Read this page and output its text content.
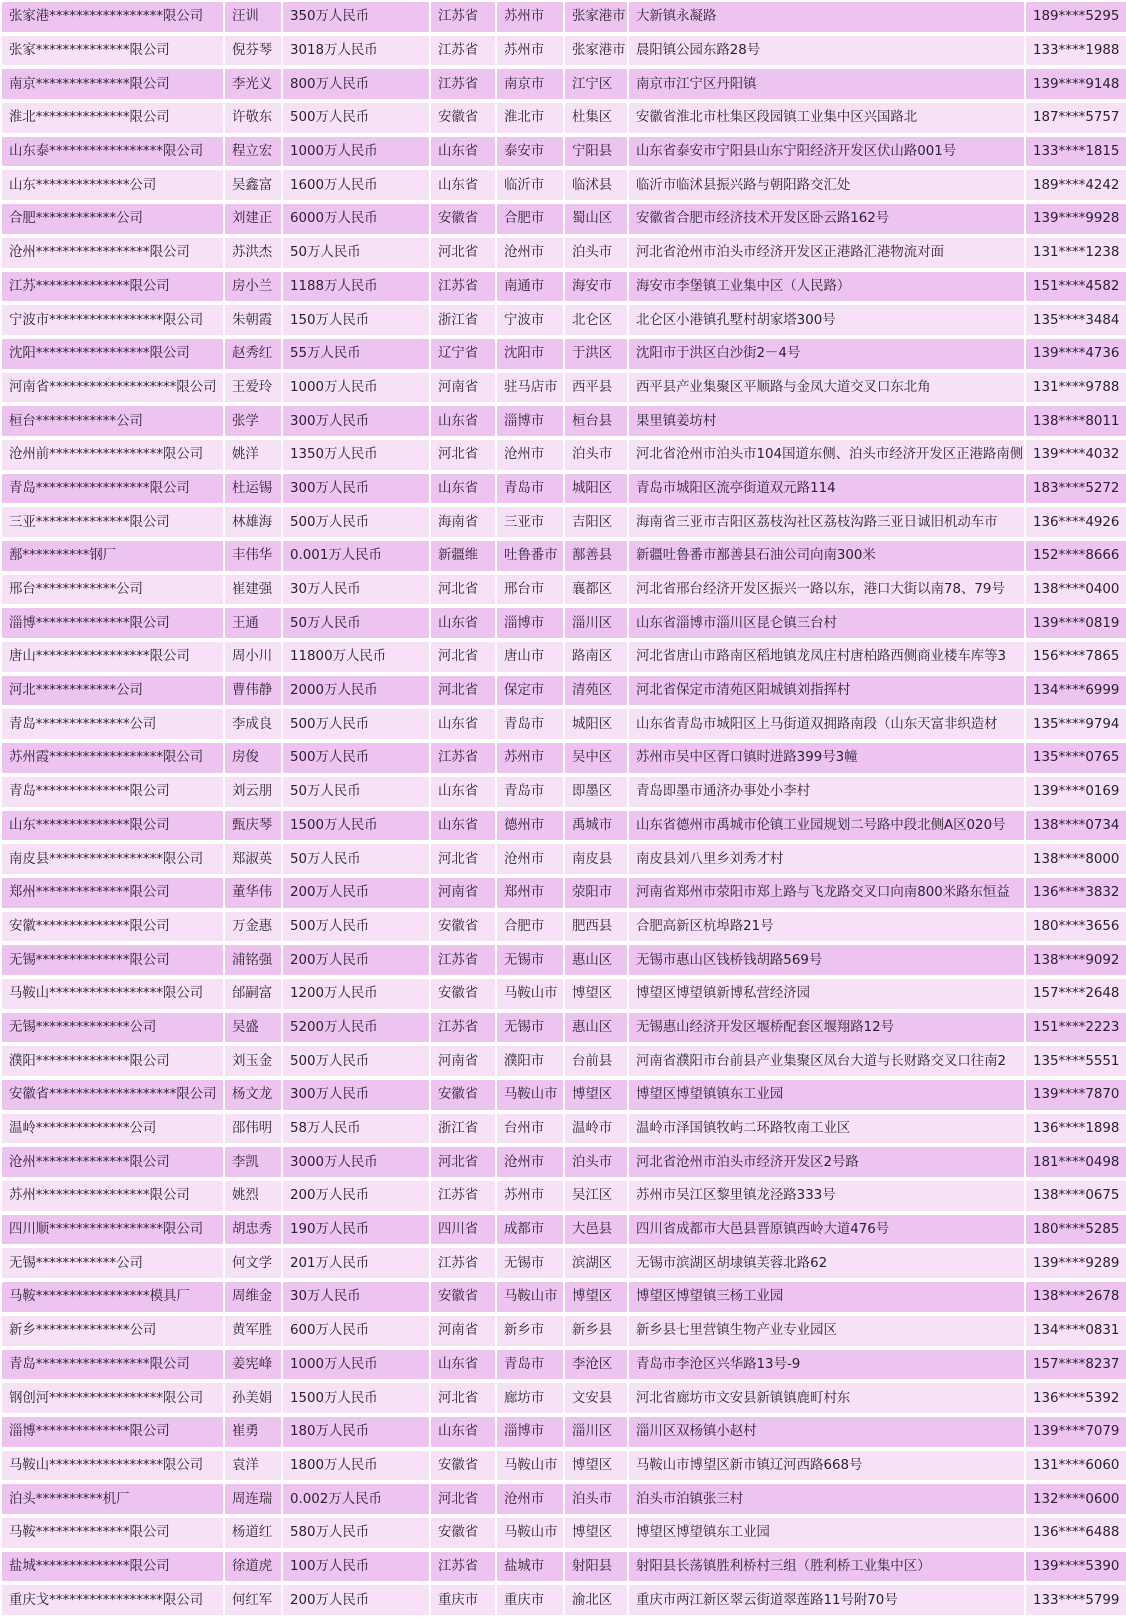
张家港*****************限公司	汪训	350万人民币	江苏省	苏州市	张家港市	大新镇永凝路	189****5295
张家**************限公司	倪芬琴	3018万人民币	江苏省	苏州市	张家港市	晨阳镇公园东路28号	133****1988
南京**************限公司	李光义	800万人民币	江苏省	南京市	江宁区	南京市江宁区丹阳镇	139****9148
淮北**************限公司	许敬东	500万人民币	安徽省	淮北市	杜集区	安徽省淮北市杜集区段园镇工业集中区兴国路北	187****5757
山东泰*****************限公司	程立宏	1000万人民币	山东省	泰安市	宁阳县	山东省泰安市宁阳县山东宁阳经济开发区伏山路001号	133****1815
山东**************公司	吴鑫富	1600万人民币	山东省	临沂市	临沭县	临沂市临沭县振兴路与朝阳路交汇处	189****4242
合肥************公司	刘建正	6000万人民币	安徽省	合肥市	蜀山区	安徽省合肥市经济技术开发区卧云路162号	139****9928
沧州*****************限公司	苏洪杰	50万人民币	河北省	沧州市	泊头市	河北省沧州市泊头市经济开发区正港路汇港物流对面	131****1238
江苏**************限公司	房小兰	1188万人民币	江苏省	南通市	海安市	海安市李堡镇工业集中区（人民路）	151****4582
宁波市*****************限公司	朱朝霞	150万人民币	浙江省	宁波市	北仑区	北仑区小港镇孔墅村胡家塔300号	135****3484
沈阳*****************限公司	赵秀红	55万人民币	辽宁省	沈阳市	于洪区	沈阳市于洪区白沙街2－4号	139****4736
河南省*******************限公司	王爱玲	1000万人民币	河南省	驻马店市	西平县	西平县产业集聚区平顺路与金凤大道交叉口东北角	131****9788
桓台************公司	张学	300万人民币	山东省	淄博市	桓台县	果里镇姜坊村	138****8011
沧州前*****************限公司	姚洋	1350万人民币	河北省	沧州市	泊头市	河北省沧州市泊头市104国道东侧、泊头市经济开发区正港路南侧	139****4032
青岛*****************限公司	杜运锡	300万人民币	山东省	青岛市	城阳区	青岛市城阳区流亭街道双元路114	183****5272
三亚**************限公司	林雄海	500万人民币	海南省	三亚市	吉阳区	海南省三亚市吉阳区荔枝沟社区荔枝沟路三亚日诚旧机动车市	136****4926
鄯**********钢厂	丰伟华	0.001万人民币	新疆维	吐鲁番市	鄯善县	新疆吐鲁番市鄯善县石油公司向南300米	152****8666
邢台************公司	崔建强	30万人民币	河北省	邢台市	襄都区	河北省邢台经济开发区振兴一路以东，港口大街以南78、79号	138****0400
淄博**************限公司	王通	50万人民币	山东省	淄博市	淄川区	山东省淄博市淄川区昆仑镇三台村	139****0819
唐山*****************限公司	周小川	11800万人民币	河北省	唐山市	路南区	河北省唐山市路南区稻地镇龙凤庄村唐柏路西侧商业楼车库等3	156****7865
河北************公司	曹伟静	2000万人民币	河北省	保定市	清苑区	河北省保定市清苑区阳城镇刘指挥村	134****6999
青岛**************公司	李成良	500万人民币	山东省	青岛市	城阳区	山东省青岛市城阳区上马街道双拥路南段（山东天富非织造材	135****9794
苏州霞*****************限公司	房俊	500万人民币	江苏省	苏州市	吴中区	苏州市吴中区胥口镇时进路399号3幢	135****0765
青岛**************限公司	刘云朋	50万人民币	山东省	青岛市	即墨区	青岛即墨市通济办事处小李村	139****0169
山东**************限公司	甄庆琴	1500万人民币	山东省	德州市	禹城市	山东省德州市禹城市伦镇工业园规划二号路中段北侧A区020号	138****0734
南皮县*****************限公司	郑淑英	50万人民币	河北省	沧州市	南皮县	南皮县刘八里乡刘秀才村	138****8000
郑州**************限公司	董华伟	200万人民币	河南省	郑州市	荥阳市	河南省郑州市荥阳市郑上路与飞龙路交叉口向南800米路东恒益	136****3832
安徽**************限公司	万金惠	500万人民币	安徽省	合肥市	肥西县	合肥高新区杭埠路21号	180****3656
无锡**************限公司	浦铭强	200万人民币	江苏省	无锡市	惠山区	无锡市惠山区钱桥钱胡路569号	138****9092
马鞍山*****************限公司	邰嗣富	1200万人民币	安徽省	马鞍山市	博望区	博望区博望镇新博私营经济园	157****2648
无锡**************公司	吴盛	5200万人民币	江苏省	无锡市	惠山区	无锡惠山经济开发区堰桥配套区堰翔路12号	151****2223
濮阳**************限公司	刘玉金	500万人民币	河南省	濮阳市	台前县	河南省濮阳市台前县产业集聚区凤台大道与长财路交叉口往南2	135****5551
安徽省*******************限公司	杨文龙	300万人民币	安徽省	马鞍山市	博望区	博望区博望镇镇东工业园	139****7870
温岭**************公司	邵伟明	58万人民币	浙江省	台州市	温岭市	温岭市泽国镇牧屿二环路牧南工业区	136****1898
沧州**************限公司	李凯	3000万人民币	河北省	沧州市	泊头市	河北省沧州市泊头市经济开发区2号路	181****0498
苏州*****************限公司	姚烈	200万人民币	江苏省	苏州市	吴江区	苏州市吴江区黎里镇龙泾路333号	138****0675
四川顺*****************限公司	胡忠秀	190万人民币	四川省	成都市	大邑县	四川省成都市大邑县晋原镇西岭大道476号	180****5285
无锡************公司	何文学	201万人民币	江苏省	无锡市	滨湖区	无锡市滨湖区胡埭镇芙蓉北路62	139****9289
马鞍*****************模具厂	周维金	30万人民币	安徽省	马鞍山市	博望区	博望区博望镇三杨工业园	138****2678
新乡**************公司	黄军胜	600万人民币	河南省	新乡市	新乡县	新乡县七里营镇生物产业专业园区	134****0831
青岛*****************限公司	姜宪峰	1000万人民币	山东省	青岛市	李沧区	青岛市李沧区兴华路13号-9	157****8237
钢创河*****************限公司	孙美娟	1500万人民币	河北省	廊坊市	文安县	河北省廊坊市文安县新镇镇鹿町村东	136****5392
淄博**************限公司	崔勇	180万人民币	山东省	淄博市	淄川区	淄川区双杨镇小赵村	139****7079
马鞍山*****************限公司	袁洋	1800万人民币	安徽省	马鞍山市	博望区	马鞍山市博望区新市镇辽河西路668号	131****6060
泊头**********机厂	周连瑞	0.002万人民币	河北省	沧州市	泊头市	泊头市泊镇张三村	132****0600
马鞍**************限公司	杨道红	580万人民币	安徽省	马鞍山市	博望区	博望区博望镇东工业园	136****6488
盐城**************限公司	徐道虎	100万人民币	江苏省	盐城市	射阳县	射阳县长荡镇胜利桥村三组（胜利桥工业集中区）	139****5390
重庆戈*****************限公司	何红军	200万人民币	重庆市	重庆市	渝北区	重庆市两江新区翠云街道翠莲路11号附70号	133****5799
